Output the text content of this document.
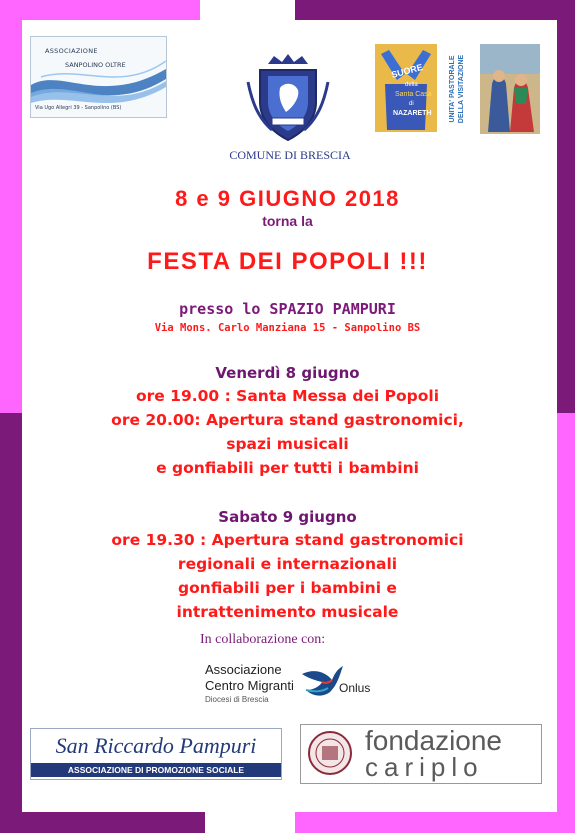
ASSOCIAZIONE
SANPOLINO OLTRE
Via Ugo Allegri 39 - Sanpolino (BS)
COMUNE DI BRESCIA
SUORE
della
Santa Casa
di
NAZARETH	UNITA' PASTORALE DELLA VISITAZIONE
8 e 9 GIUGNO 2018
torna la
FESTA DEI POPOLI !!!
presso lo SPAZIO PAMPURI
Via Mons. Carlo Manziana 15 - Sanpolino BS
Venerdì 8 giugno
ore 19.00 : Santa Messa dei Popoli
ore 20.00: Apertura stand gastronomici,
spazi musicali
e gonfiabili per tutti i bambini
Sabato 9 giugno
ore 19.30 : Apertura stand gastronomici
regionali e internazionali
gonfiabili per i bambini e
intrattenimento musicale
In collaborazione con:
Associazione
Centro Migranti
Diocesi di Brescia
Onlus
San Riccardo Pampuri
ASSOCIAZIONE DI PROMOZIONE SOCIALE
fondazione
cariplo
